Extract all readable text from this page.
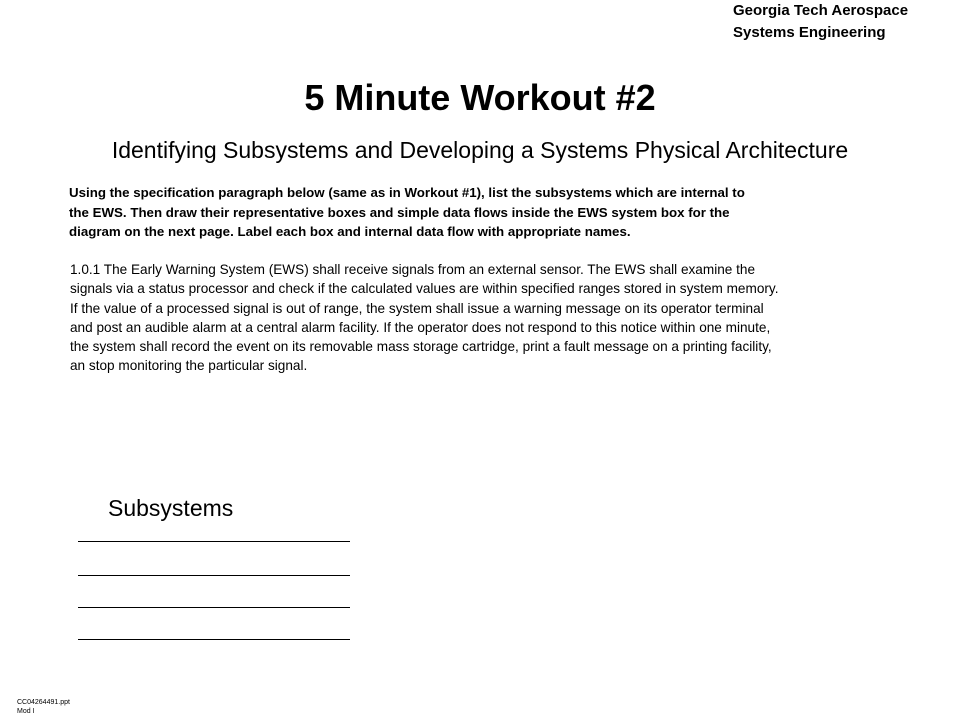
Georgia Tech Aerospace
Systems Engineering
5 Minute Workout #2
Identifying Subsystems and Developing a Systems Physical Architecture
Using the specification paragraph below (same as in Workout #1), list the subsystems which are internal to
the EWS. Then draw their representative boxes and simple data flows inside the EWS system box for the
diagram on the next page. Label each box and internal data flow with appropriate names.
1.0.1 The Early Warning System (EWS) shall receive signals from an external sensor. The EWS shall examine the
signals via a status processor and check if the calculated values are within specified ranges stored in system memory.
If the value of a processed signal is out of range, the system shall issue a warning message on its operator terminal
and post an audible alarm at a central alarm facility. If the operator does not respond to this notice within one minute,
the system shall record the event on its removable mass storage cartridge, print a fault message on a printing facility,
an stop monitoring the particular signal.
Subsystems
CC04264491.ppt
Mod I
